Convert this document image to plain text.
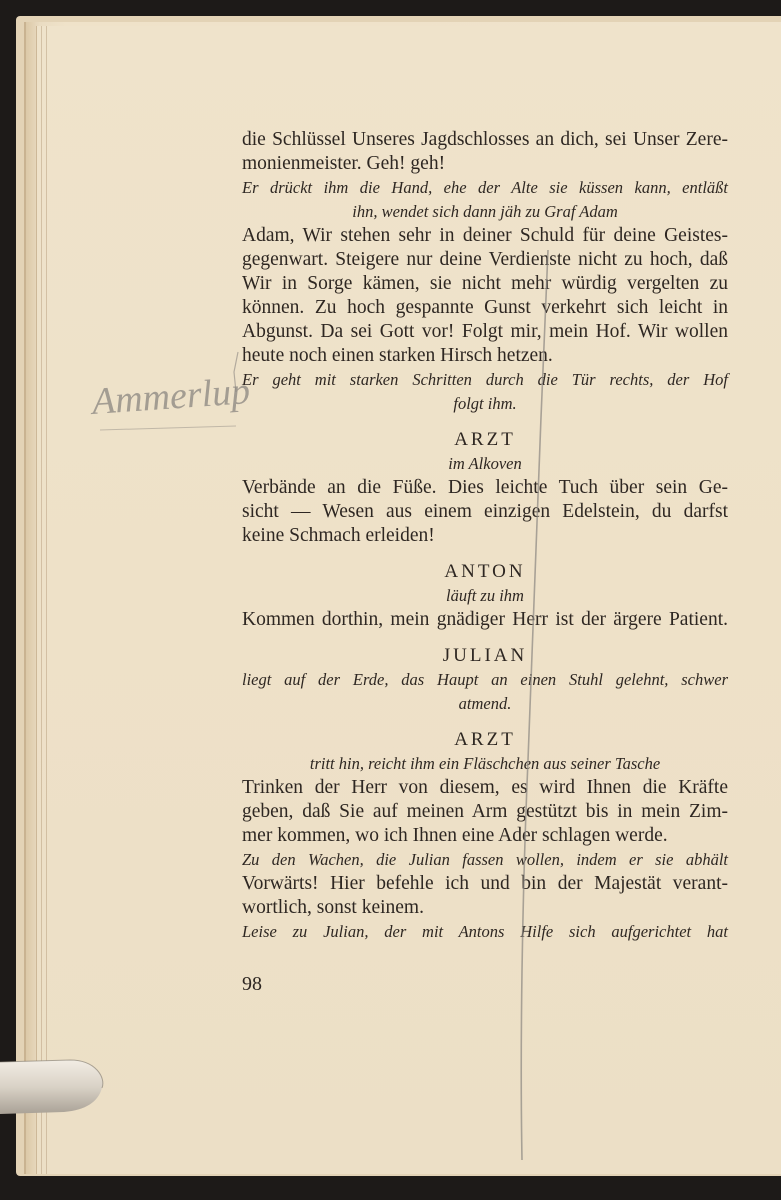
die Schlüssel Unseres Jagdschlosses an dich, sei Unser Zere-
monienmeister. Geh! geh!
Er drückt ihm die Hand, ehe der Alte sie küssen kann, entläßt
ihn, wendet sich dann jäh zu Graf Adam
Adam, Wir stehen sehr in deiner Schuld für deine Geistes-
gegenwart. Steigere nur deine Verdienste nicht zu hoch, daß
Wir in Sorge kämen, sie nicht mehr würdig vergelten zu
können. Zu hoch gespannte Gunst verkehrt sich leicht in
Abgunst. Da sei Gott vor! Folgt mir, mein Hof. Wir wollen
heute noch einen starken Hirsch hetzen.
Er geht mit starken Schritten durch die Tür rechts, der Hof
folgt ihm.
ARZT
im Alkoven
Verbände an die Füße. Dies leichte Tuch über sein Ge-
sicht — Wesen aus einem einzigen Edelstein, du darfst
keine Schmach erleiden!
ANTON
läuft zu ihm
Kommen dorthin, mein gnädiger Herr ist der ärgere Patient.
JULIAN
liegt auf der Erde, das Haupt an einen Stuhl gelehnt, schwer
atmend.
ARZT
tritt hin, reicht ihm ein Fläschchen aus seiner Tasche
Trinken der Herr von diesem, es wird Ihnen die Kräfte
geben, daß Sie auf meinen Arm gestützt bis in mein Zim-
mer kommen, wo ich Ihnen eine Ader schlagen werde.
Zu den Wachen, die Julian fassen wollen, indem er sie abhält
Vorwärts! Hier befehle ich und bin der Majestät verant-
wortlich, sonst keinem.
Leise zu Julian, der mit Antons Hilfe sich aufgerichtet hat
98
Ammerlup
